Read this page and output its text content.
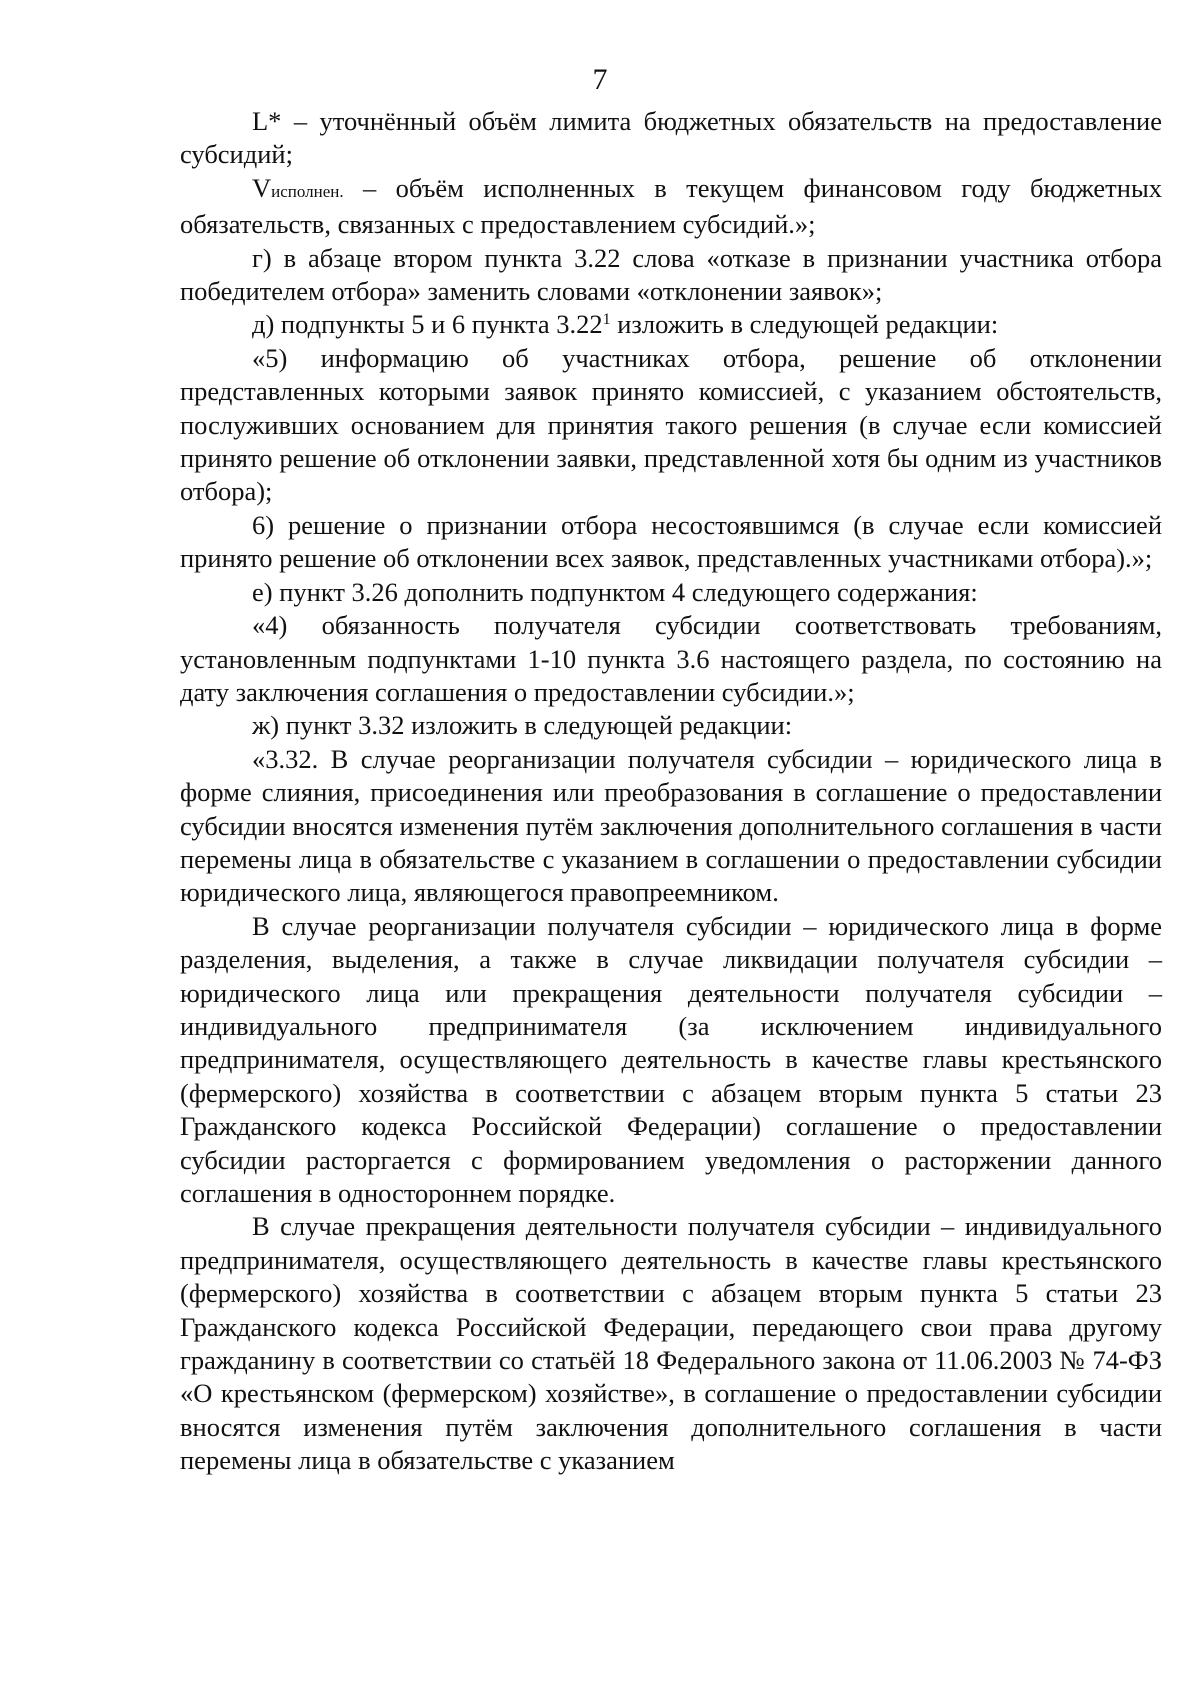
7

L* – уточнённый объём лимита бюджетных обязательств на предоставление субсидий;

Vисполнен. – объём исполненных в текущем финансовом году бюджетных обязательств, связанных с предоставлением субсидий.»;

г) в абзаце втором пункта 3.22 слова «отказе в признании участника отбора победителем отбора» заменить словами «отклонении заявок»;

д) подпункты 5 и 6 пункта 3.22$^1$ изложить в следующей редакции:

«5) информацию об участниках отбора, решение об отклонении представленных которыми заявок принято комиссией, с указанием обстоятельств, послуживших основанием для принятия такого решения (в случае если комиссией принято решение об отклонении заявки, представленной хотя бы одним из участников отбора);

6) решение о признании отбора несостоявшимся (в случае если комиссией принято решение об отклонении всех заявок, представленных участниками отбора).»;

е) пункт 3.26 дополнить подпунктом 4 следующего содержания:

«4) обязанность получателя субсидии соответствовать требованиям, установленным подпунктами 1-10 пункта 3.6 настоящего раздела, по состоянию на дату заключения соглашения о предоставлении субсидии.»;

ж) пункт 3.32 изложить в следующей редакции:

«3.32. В случае реорганизации получателя субсидии – юридического лица в форме слияния, присоединения или преобразования в соглашение о предоставлении субсидии вносятся изменения путём заключения дополнительного соглашения в части перемены лица в обязательстве с указанием в соглашении о предоставлении субсидии юридического лица, являющегося правопреемником.

В случае реорганизации получателя субсидии – юридического лица в форме разделения, выделения, а также в случае ликвидации получателя субсидии – юридического лица или прекращения деятельности получателя субсидии – индивидуального предпринимателя (за исключением индивидуального предпринимателя, осуществляющего деятельность в качестве главы крестьянского (фермерского) хозяйства в соответствии с абзацем вторым пункта 5 статьи 23 Гражданского кодекса Российской Федерации) соглашение о предоставлении субсидии расторгается с формированием уведомления о расторжении данного соглашения в одностороннем порядке.

В случае прекращения деятельности получателя субсидии – индивидуального предпринимателя, осуществляющего деятельность в качестве главы крестьянского (фермерского) хозяйства в соответствии с абзацем вторым пункта 5 статьи 23 Гражданского кодекса Российской Федерации, передающего свои права другому гражданину в соответствии со статьёй 18 Федерального закона от 11.06.2003 № 74-ФЗ «О крестьянском (фермерском) хозяйстве», в соглашение о предоставлении субсидии вносятся изменения путём заключения дополнительного соглашения в части перемены лица в обязательстве с указанием
